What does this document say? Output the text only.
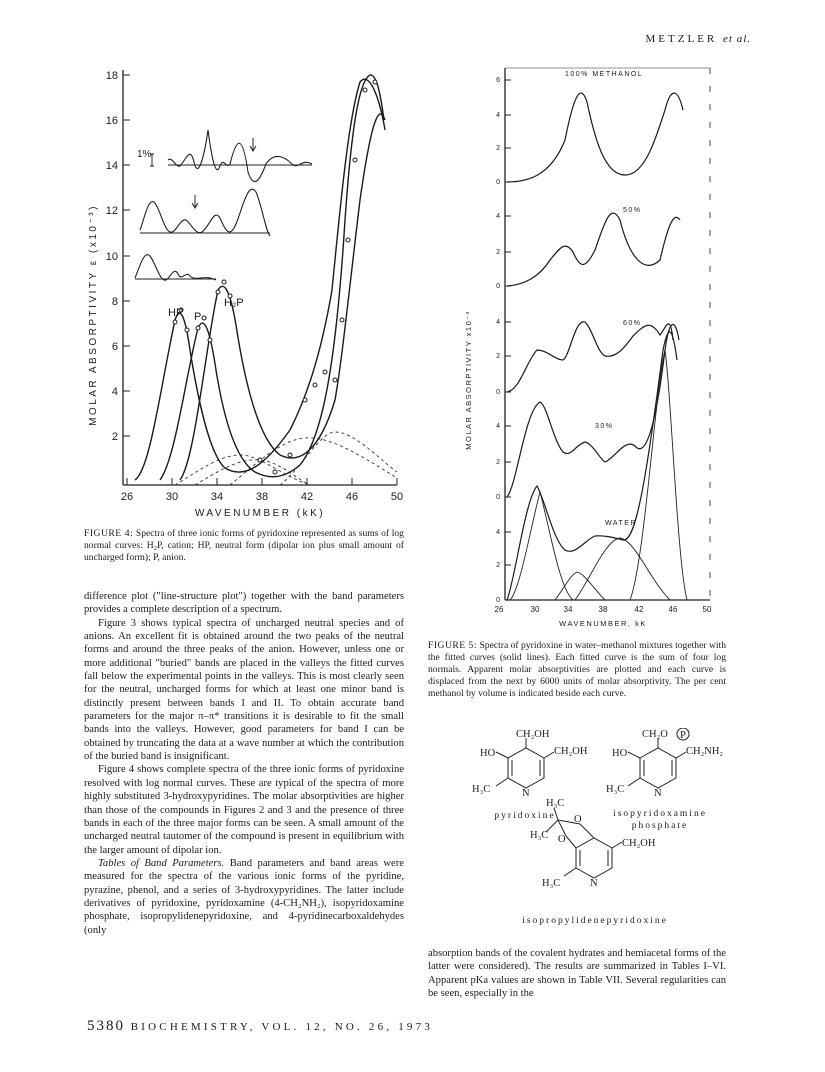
METZLER et al.
18
16
14
12
10
8
6
4
2
26	30	34	38	42	46	50
WAVENUMBER (kK)
MOLAR ABSORPTIVITY ε (x10⁻³)
1%
HP P
H₂P
FIGURE 4: Spectra of three ionic forms of pyridoxine represented as sums of log normal curves: H₂P, cation; HP, neutral form (dipolar ion plus small amount of uncharged form); P, anion.

difference plot ("line-structure plot") together with the band parameters provides a complete description of a spectrum.

Figure 3 shows typical spectra of uncharged neutral species and of anions. An excellent fit is obtained around the two peaks of the neutral forms and around the three peaks of the anion. However, unless one or more additional "buried" bands are placed in the valleys the fitted curves fall below the experimental points in the valleys. This is most clearly seen for the neutral, uncharged forms for which at least one minor band is distinctly present between bands I and II. To obtain accurate band parameters for the major π–π* transitions it is desirable to fit the small bands into the valleys. However, good parameters for band I can be obtained by truncating the data at a wave number at which the contribution of the buried band is insignificant.

Figure 4 shows complete spectra of the three ionic forms of pyridoxine resolved with log normal curves. These are typical of the spectra of more highly substituted 3-hydroxypyridines. The molar absorptivities are higher than those of the compounds in Figures 2 and 3 and the presence of three bands in each of the three major forms can be seen. A small amount of the uncharged neutral tautomer of the compound is present in equilibrium with the larger amount of dipolar ion.

Tables of Band Parameters. Band parameters and band areas were measured for the spectra of the various ionic forms of the pyridine, pyrazine, phenol, and a series of 3-hydroxypyridines. The latter include derivatives of pyridoxine, pyridoxamine (4-CH₂NH₂), isopyridoxamine phosphate, isopropylidenepyridoxine, and 4-pyridinecarboxaldehydes (only

6
4
2
0
4
2
0
4
2
0
4
2
0
4
2
0
26	30	34	38	42	46	50
WAVENUMBER, kK
MOLAR ABSORPTIVITY x10⁻³
100% METHANOL
50%
60%
30%
WATER
FIGURE 5: Spectra of pyridoxine in water–methanol mixtures together with the fitted curves (solid lines). Each fitted curve is the sum of four log normals. Apparent molar absorptivities are plotted and each curve is displaced from the next by 6000 units of molar absorptivity. The per cent methanol by volume is indicated beside each curve.
CH₂OH
HO	CH₂OH
H₃C	N
CH₂O P
HO	CH₂NH₂
H₃C	N
H₃C
O
O
H₃C
CH₂OH
H₃C	N
pyridoxine	isopyridoxamine
phosphate
isopropylidenepyridoxine

absorption bands of the covalent hydrates and hemiacetal forms of the latter were considered). The results are summarized in Tables I–VI. Apparent pKa values are shown in Table VII. Several regularities can be seen, especially in the

5380 BIOCHEMISTRY, VOL. 12, NO. 26, 1973
